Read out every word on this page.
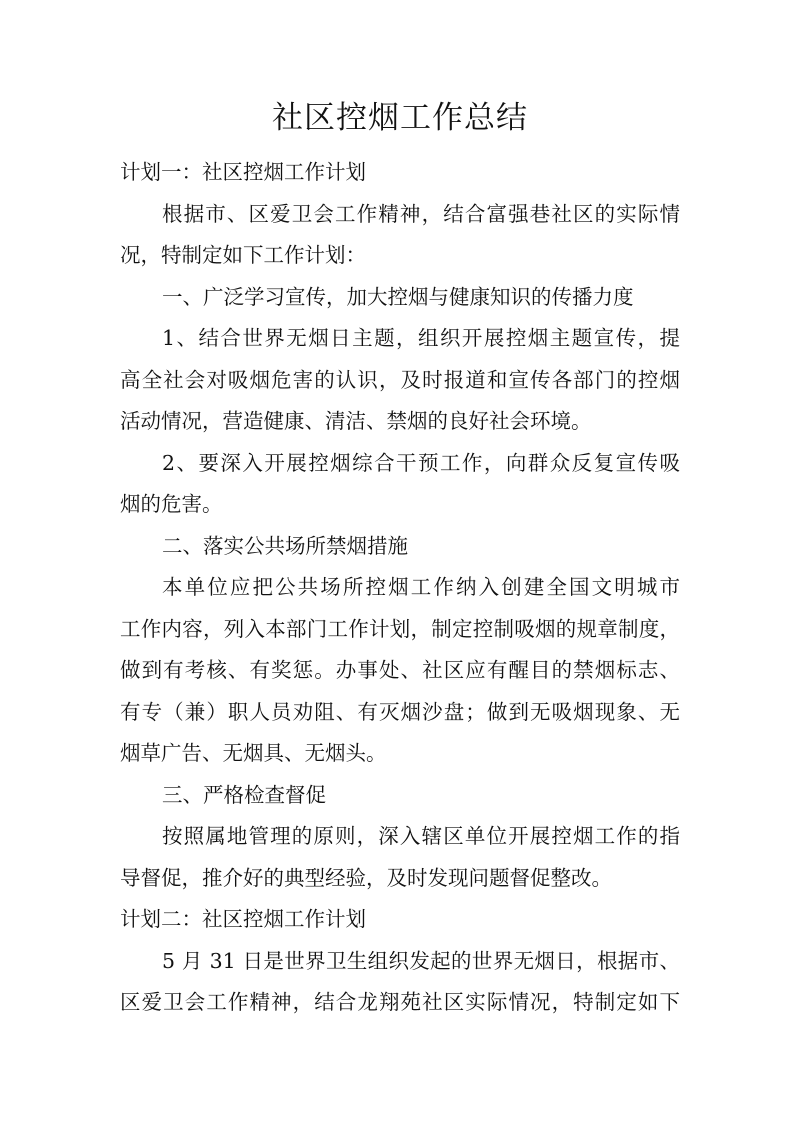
社区控烟工作总结
计划一：社区控烟工作计划
根据市、区爱卫会工作精神，结合富强巷社区的实际情
况，特制定如下工作计划：
一、广泛学习宣传，加大控烟与健康知识的传播力度
1、结合世界无烟日主题，组织开展控烟主题宣传，提
高全社会对吸烟危害的认识，及时报道和宣传各部门的控烟
活动情况，营造健康、清洁、禁烟的良好社会环境。
2、要深入开展控烟综合干预工作，向群众反复宣传吸
烟的危害。
二、落实公共场所禁烟措施
本单位应把公共场所控烟工作纳入创建全国文明城市
工作内容，列入本部门工作计划，制定控制吸烟的规章制度，
做到有考核、有奖惩。办事处、社区应有醒目的禁烟标志、
有专（兼）职人员劝阻、有灭烟沙盘；做到无吸烟现象、无
烟草广告、无烟具、无烟头。
三、严格检查督促
按照属地管理的原则，深入辖区单位开展控烟工作的指
导督促，推介好的典型经验，及时发现问题督促整改。
计划二：社区控烟工作计划
5 月 31 日是世界卫生组织发起的世界无烟日，根据市、
区爱卫会工作精神，结合龙翔苑社区实际情况，特制定如下
